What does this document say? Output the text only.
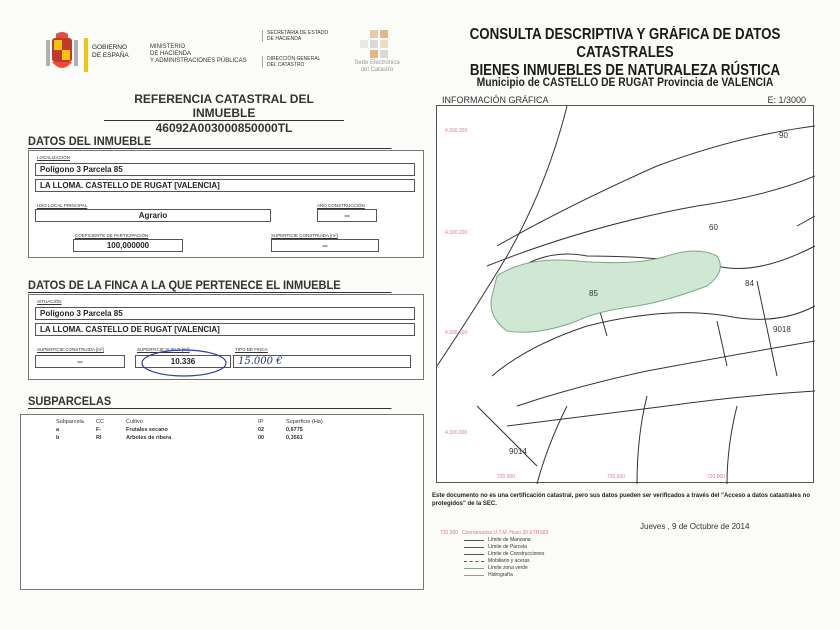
GOBIERNO
DE ESPAÑA
MINISTERIO
DE HACIENDA
Y ADMINISTRACIONES PÚBLICAS
SECRETARÍA DE ESTADO
DE HACIENDA
DIRECCIÓN GENERAL
DEL CATASTRO	Sede Electrónica
del Catastro
CONSULTA DESCRIPTIVA Y GRÁFICA DE DATOS CATASTRALES
BIENES INMUEBLES DE NATURALEZA RÚSTICA
Municipio de CASTELLO DE RUGAT Provincia de VALENCIA
REFERENCIA CATASTRAL DEL INMUEBLE
46092A003000850000TL
DATOS DEL INMUEBLE
LOCALIZACIÓN
Polígono 3 Parcela 85
LA LLOMA. CASTELLO DE RUGAT [VALENCIA]
USO LOCAL PRINCIPAL
Agrario
AÑO CONSTRUCCIÓN
--
COEFICIENTE DE PARTICIPACIÓN
100,000000
SUPERFICIE CONSTRUIDA [m²]
--
DATOS DE LA FINCA A LA QUE PERTENECE EL INMUEBLE
SITUACIÓN
Polígono 3 Parcela 85
LA LLOMA. CASTELLO DE RUGAT [VALENCIA]
SUPERFICIE CONSTRUIDA [m²]
--
SUPERFICIE SUELO [m²]
10.336
TIPO DE FINCA
15.000 €
SUBPARCELAS
Subparcela	CC	Cultivo	IP	Superficie (Ha)
a	F-	Frutales secano	02	0,6775
b	RI	Arboles de ribera	00	0,3561
INFORMACIÓN GRÁFICA	E: 1/3000
4.300.300
4.300.200
4.300.100
4.300.000
720,500	720,600	720,800
60
84
85
9018
9014
90
Este documento no es una certificación catastral, pero sus datos pueden ser verificados a través del "Acceso a datos catastrales no protegidos" de la SEC.
Jueves , 9 de Octubre de 2014
720,500 Coordenadas U.T.M. Huso 30 ETRS89
Límite de Manzana
Límite de Parcela
Límite de Construcciones
Mobiliario y aceras
Límite zona verde
Hidrografía
